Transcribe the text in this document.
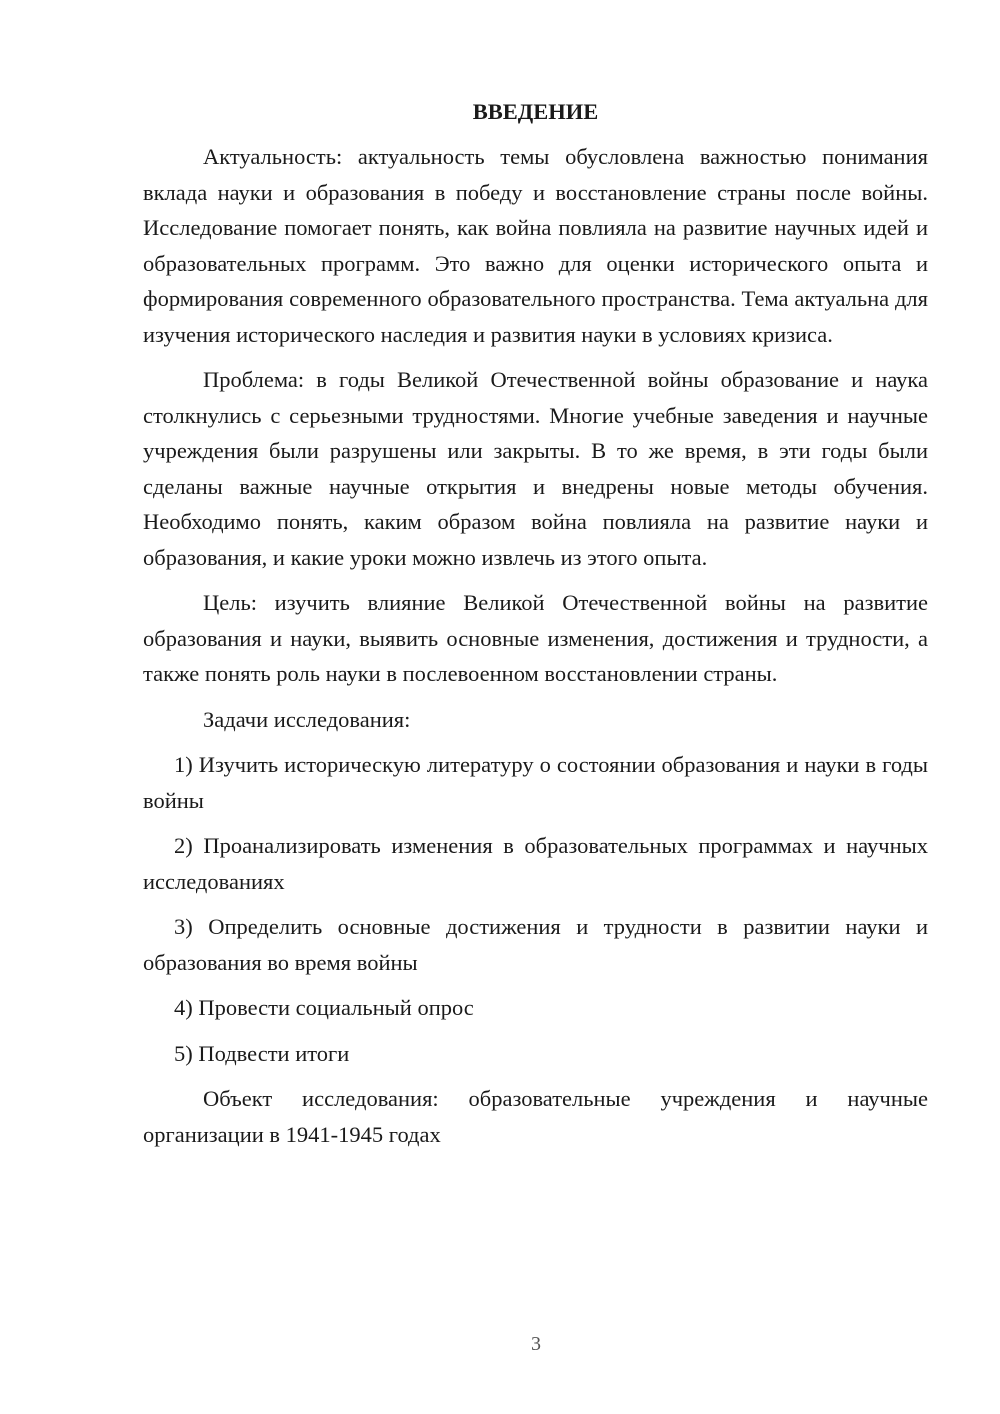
ВВЕДЕНИЕ

Актуальность: актуальность темы обусловлена важностью понимания вклада науки и образования в победу и восстановление страны после войны. Исследование помогает понять, как война повлияла на развитие научных идей и образовательных программ. Это важно для оценки исторического опыта и формирования современного образовательного пространства. Тема актуальна для изучения исторического наследия и развития науки в условиях кризиса.

Проблема: в годы Великой Отечественной войны образование и наука столкнулись с серьезными трудностями. Многие учебные заведения и научные учреждения были разрушены или закрыты. В то же время, в эти годы были сделаны важные научные открытия и внедрены новые методы обучения. Необходимо понять, каким образом война повлияла на развитие науки и образования, и какие уроки можно извлечь из этого опыта.

Цель: изучить влияние Великой Отечественной войны на развитие образования и науки, выявить основные изменения, достижения и трудности, а также понять роль науки в послевоенном восстановлении страны.

Задачи исследования:

1) Изучить историческую литературу о состоянии образования и науки в годы войны

2) Проанализировать изменения в образовательных программах и научных исследованиях

3) Определить основные достижения и трудности в развитии науки и образования во время войны

4) Провести социальный опрос

5) Подвести итоги

Объект исследования: образовательные учреждения и научные организации в 1941-1945 годах

3
